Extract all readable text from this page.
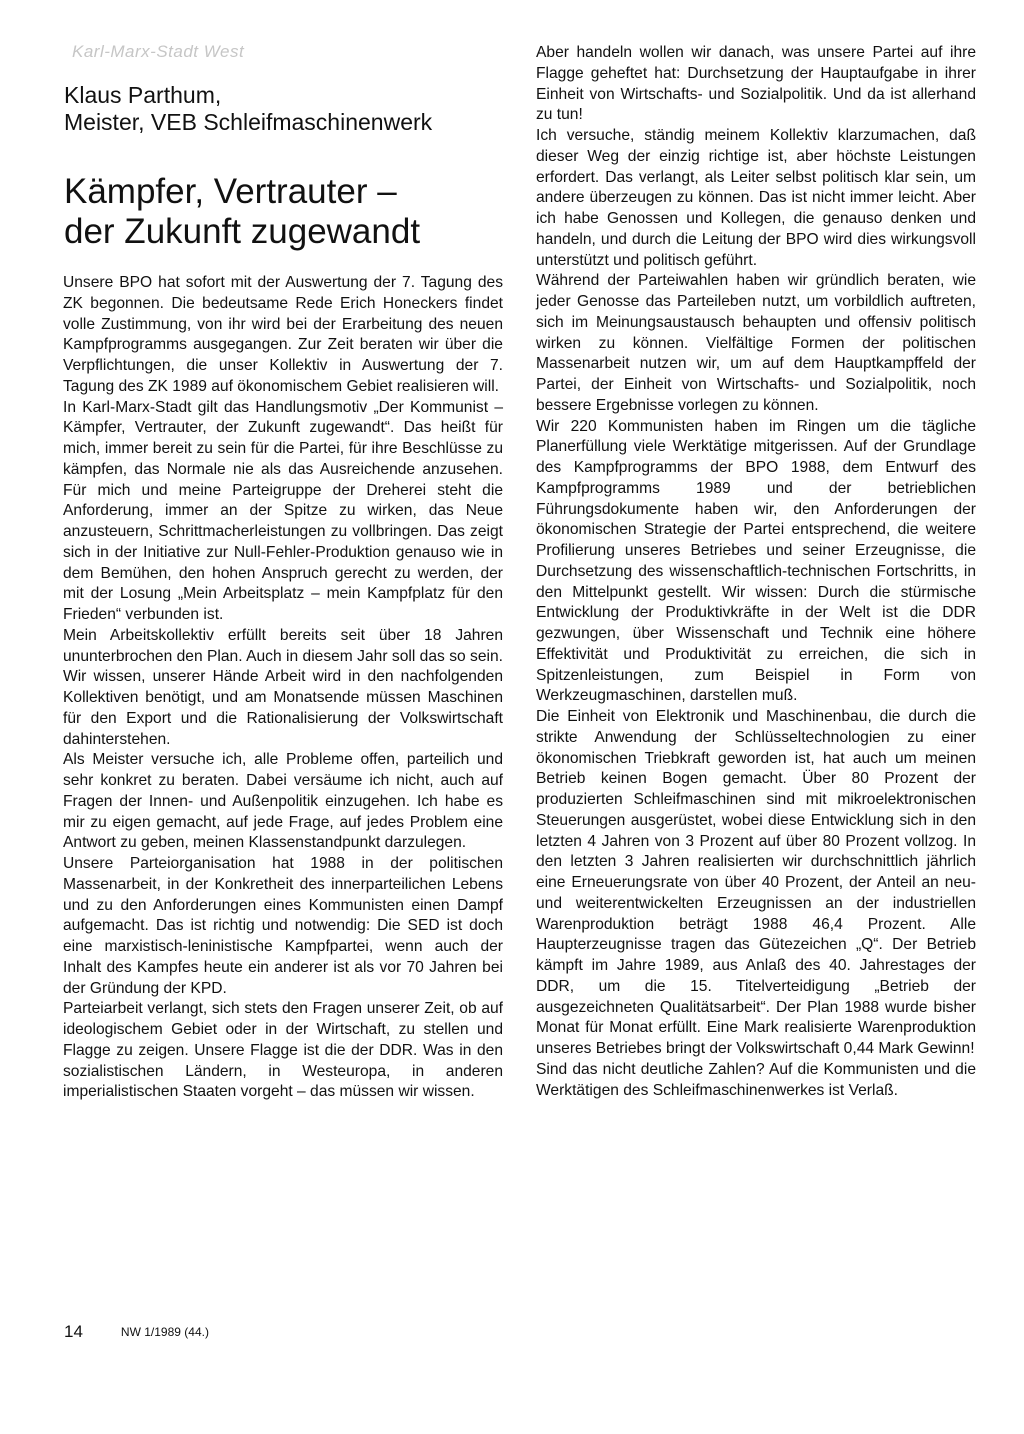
Karl-Marx-Stadt West
Klaus Parthum,
Meister, VEB Schleifmaschinenwerk
Kämpfer, Vertrauter –
der Zukunft zugewandt

Unsere BPO hat sofort mit der Auswertung der 7. Tagung des ZK begonnen. Die bedeutsame Rede Erich Honeckers findet volle Zustimmung, von ihr wird bei der Erarbeitung des neuen Kampfprogramms ausgegangen. Zur Zeit beraten wir über die Verpflichtungen, die unser Kollektiv in Auswertung der 7. Tagung des ZK 1989 auf ökonomischem Gebiet realisieren will.

In Karl-Marx-Stadt gilt das Handlungsmotiv „Der Kommunist – Kämpfer, Vertrauter, der Zukunft zugewandt“. Das heißt für mich, immer bereit zu sein für die Partei, für ihre Beschlüsse zu kämpfen, das Normale nie als das Ausreichende anzusehen. Für mich und meine Parteigruppe der Dreherei steht die Anforderung, immer an der Spitze zu wirken, das Neue anzusteuern, Schrittmacherleistungen zu vollbringen. Das zeigt sich in der Initiative zur Null-Fehler-Produktion genauso wie in dem Bemühen, den hohen Anspruch gerecht zu werden, der mit der Losung „Mein Arbeitsplatz – mein Kampfplatz für den Frieden“ verbunden ist.

Mein Arbeitskollektiv erfüllt bereits seit über 18 Jahren ununterbrochen den Plan. Auch in diesem Jahr soll das so sein. Wir wissen, unserer Hände Arbeit wird in den nachfolgenden Kollektiven benötigt, und am Monatsende müssen Maschinen für den Export und die Rationalisierung der Volkswirtschaft dahinterstehen.

Als Meister versuche ich, alle Probleme offen, parteilich und sehr konkret zu beraten. Dabei versäume ich nicht, auch auf Fragen der Innen- und Außenpolitik einzugehen. Ich habe es mir zu eigen gemacht, auf jede Frage, auf jedes Problem eine Antwort zu geben, meinen Klassenstandpunkt darzulegen.

Unsere Parteiorganisation hat 1988 in der politischen Massenarbeit, in der Konkretheit des innerparteilichen Lebens und zu den Anforderungen eines Kommunisten einen Dampf aufgemacht. Das ist richtig und notwendig: Die SED ist doch eine marxistisch-leninistische Kampfpartei, wenn auch der Inhalt des Kampfes heute ein anderer ist als vor 70 Jahren bei der Gründung der KPD.

Parteiarbeit verlangt, sich stets den Fragen unserer Zeit, ob auf ideologischem Gebiet oder in der Wirtschaft, zu stellen und Flagge zu zeigen. Unsere Flagge ist die der DDR. Was in den sozialistischen Ländern, in Westeuropa, in anderen imperialistischen Staaten vorgeht – das müssen wir wissen.

Aber handeln wollen wir danach, was unsere Partei auf ihre Flagge geheftet hat: Durchsetzung der Hauptaufgabe in ihrer Einheit von Wirtschafts- und Sozialpolitik. Und da ist allerhand zu tun!

Ich versuche, ständig meinem Kollektiv klarzumachen, daß dieser Weg der einzig richtige ist, aber höchste Leistungen erfordert. Das verlangt, als Leiter selbst politisch klar sein, um andere überzeugen zu können. Das ist nicht immer leicht. Aber ich habe Genossen und Kollegen, die genauso denken und handeln, und durch die Leitung der BPO wird dies wirkungsvoll unterstützt und politisch geführt.

Während der Parteiwahlen haben wir gründlich beraten, wie jeder Genosse das Parteileben nutzt, um vorbildlich auftreten, sich im Meinungsaustausch behaupten und offensiv politisch wirken zu können. Vielfältige Formen der politischen Massenarbeit nutzen wir, um auf dem Hauptkampffeld der Partei, der Einheit von Wirtschafts- und Sozialpolitik, noch bessere Ergebnisse vorlegen zu können.

Wir 220 Kommunisten haben im Ringen um die tägliche Planerfüllung viele Werktätige mitgerissen. Auf der Grundlage des Kampfprogramms der BPO 1988, dem Entwurf des Kampfprogramms 1989 und der betrieblichen Führungsdokumente haben wir, den Anforderungen der ökonomischen Strategie der Partei entsprechend, die weitere Profilierung unseres Betriebes und seiner Erzeugnisse, die Durchsetzung des wissenschaftlich-technischen Fortschritts, in den Mittelpunkt gestellt. Wir wissen: Durch die stürmische Entwicklung der Produktivkräfte in der Welt ist die DDR gezwungen, über Wissenschaft und Technik eine höhere Effektivität und Produktivität zu erreichen, die sich in Spitzenleistungen, zum Beispiel in Form von Werkzeugmaschinen, darstellen muß.

Die Einheit von Elektronik und Maschinenbau, die durch die strikte Anwendung der Schlüsseltechnologien zu einer ökonomischen Triebkraft geworden ist, hat auch um meinen Betrieb keinen Bogen gemacht. Über 80 Prozent der produzierten Schleifmaschinen sind mit mikroelektronischen Steuerungen ausgerüstet, wobei diese Entwicklung sich in den letzten 4 Jahren von 3 Prozent auf über 80 Prozent vollzog. In den letzten 3 Jahren realisierten wir durchschnittlich jährlich eine Erneuerungsrate von über 40 Prozent, der Anteil an neu- und weiterentwickelten Erzeugnissen an der industriellen Warenproduktion beträgt 1988 46,4 Prozent. Alle Haupterzeugnisse tragen das Gütezeichen „Q“. Der Betrieb kämpft im Jahre 1989, aus Anlaß des 40. Jahrestages der DDR, um die 15. Titelverteidigung „Betrieb der ausgezeichneten Qualitätsarbeit“. Der Plan 1988 wurde bisher Monat für Monat erfüllt. Eine Mark realisierte Warenproduktion unseres Betriebes bringt der Volkswirtschaft 0,44 Mark Gewinn!

Sind das nicht deutliche Zahlen? Auf die Kommunisten und die Werktätigen des Schleifmaschinenwerkes ist Verlaß.

14	NW 1/1989 (44.)
